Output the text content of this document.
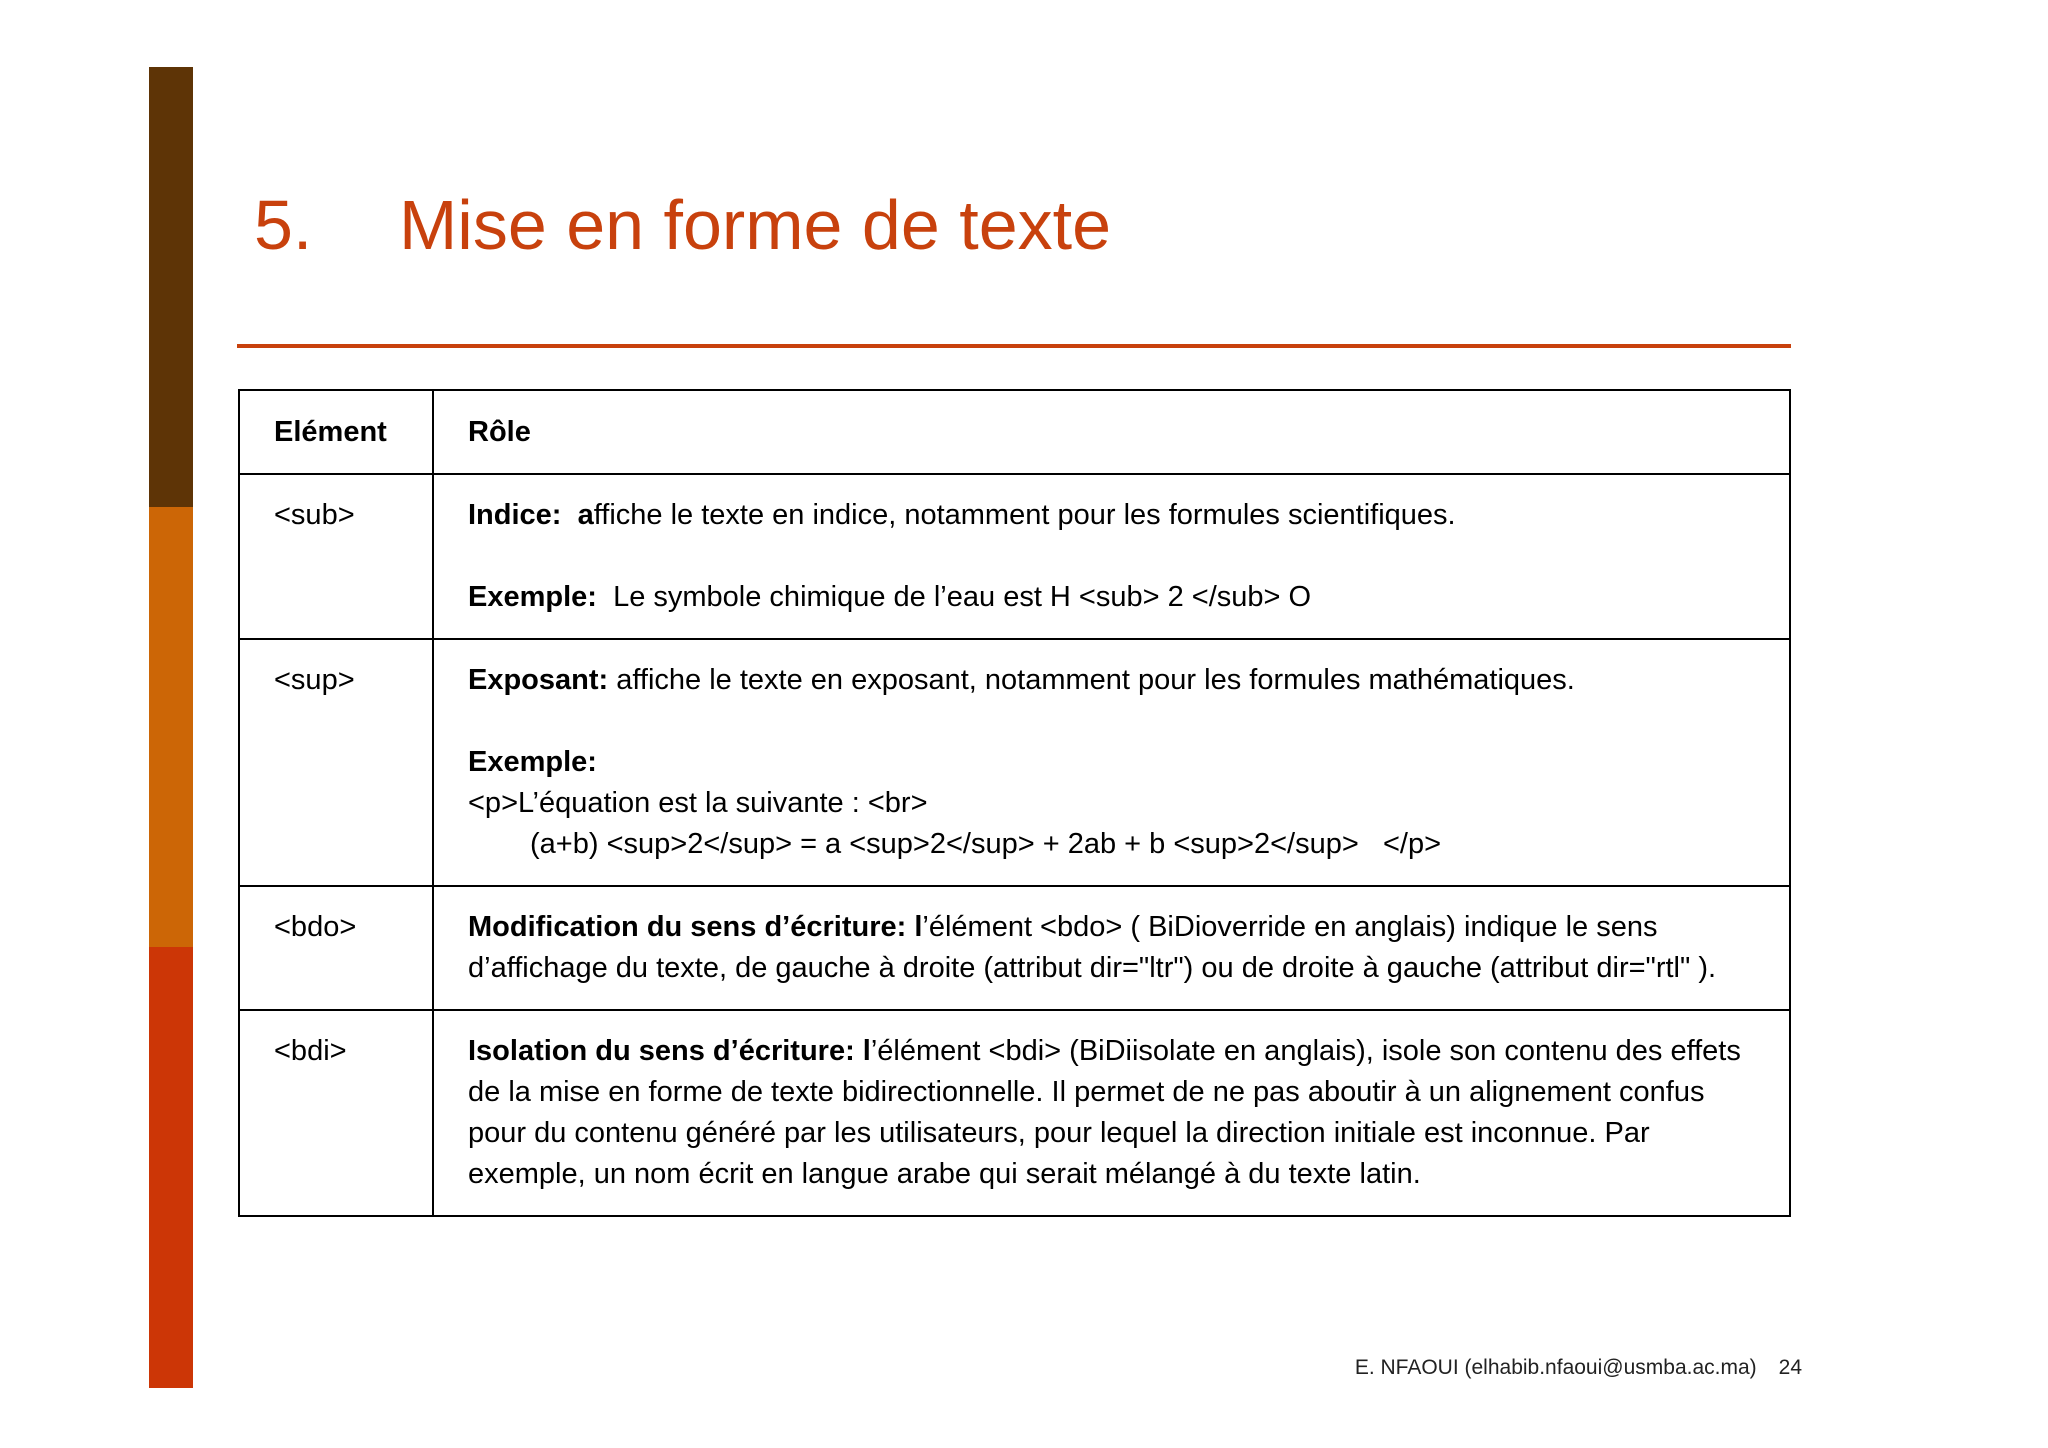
5. Mise en forme de texte
Elément	Rôle
<sub>	Indice: affiche le texte en indice, notamment pour les formules scientifiques.
Exemple: Le symbole chimique de l’eau est H <sub> 2 </sub> O

<sup>	Exposant: affiche le texte en exposant, notamment pour les formules mathématiques.
Exemple:
<p>L’équation est la suivante : <br>
(a+b) <sup>2</sup> = a <sup>2</sup> + 2ab + b <sup>2</sup>   </p>

<bdo>	Modification du sens d’écriture: l’élément <bdo> ( BiDioverride en anglais) indique le sens d’affichage du texte, de gauche à droite (attribut dir="ltr") ou de droite à gauche (attribut dir="rtl" ).
<bdi>	Isolation du sens d’écriture: l’élément <bdi> (BiDiisolate en anglais), isole son contenu des effets de la mise en forme de texte bidirectionnelle. Il permet de ne pas aboutir à un alignement confus pour du contenu généré par les utilisateurs, pour lequel la direction initiale est inconnue. Par exemple, un nom écrit en langue arabe qui serait mélangé à du texte latin.
E. NFAOUI (elhabib.nfaoui@usmba.ac.ma) 24
